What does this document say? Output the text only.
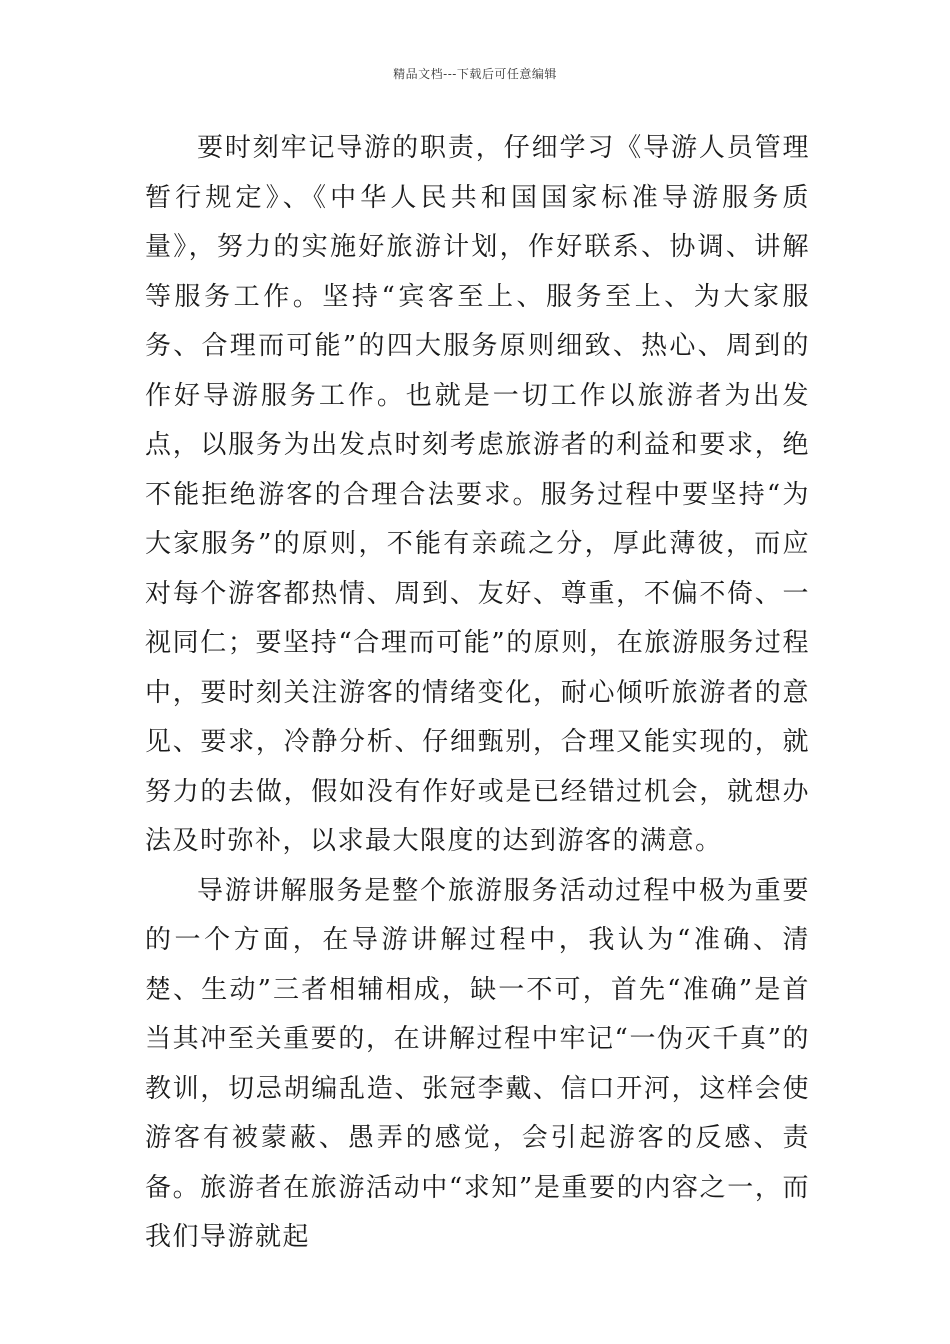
精品文档---下载后可任意编辑

要时刻牢记导游的职责，仔细学习《导游人员管理暂行规定》、《中华人民共和国国家标准导游服务质量》，努力的实施好旅游计划，作好联系、协调、讲解等服务工作。坚持“宾客至上、服务至上、为大家服务、合理而可能”的四大服务原则细致、热心、周到的作好导游服务工作。也就是一切工作以旅游者为出发点，以服务为出发点时刻考虑旅游者的利益和要求，绝不能拒绝游客的合理合法要求。服务过程中要坚持“为大家服务”的原则，不能有亲疏之分，厚此薄彼，而应对每个游客都热情、周到、友好、尊重，不偏不倚、一视同仁；要坚持“合理而可能”的原则，在旅游服务过程中，要时刻关注游客的情绪变化，耐心倾听旅游者的意见、要求，冷静分析、仔细甄别，合理又能实现的，就努力的去做，假如没有作好或是已经错过机会，就想办法及时弥补，以求最大限度的达到游客的满意。

导游讲解服务是整个旅游服务活动过程中极为重要的一个方面，在导游讲解过程中，我认为“准确、清楚、生动”三者相辅相成，缺一不可，首先“准确”是首当其冲至关重要的，在讲解过程中牢记“一伪灭千真”的教训，切忌胡编乱造、张冠李戴、信口开河，这样会使游客有被蒙蔽、愚弄的感觉，会引起游客的反感、责备。旅游者在旅游活动中“求知”是重要的内容之一，而我们导游就起
